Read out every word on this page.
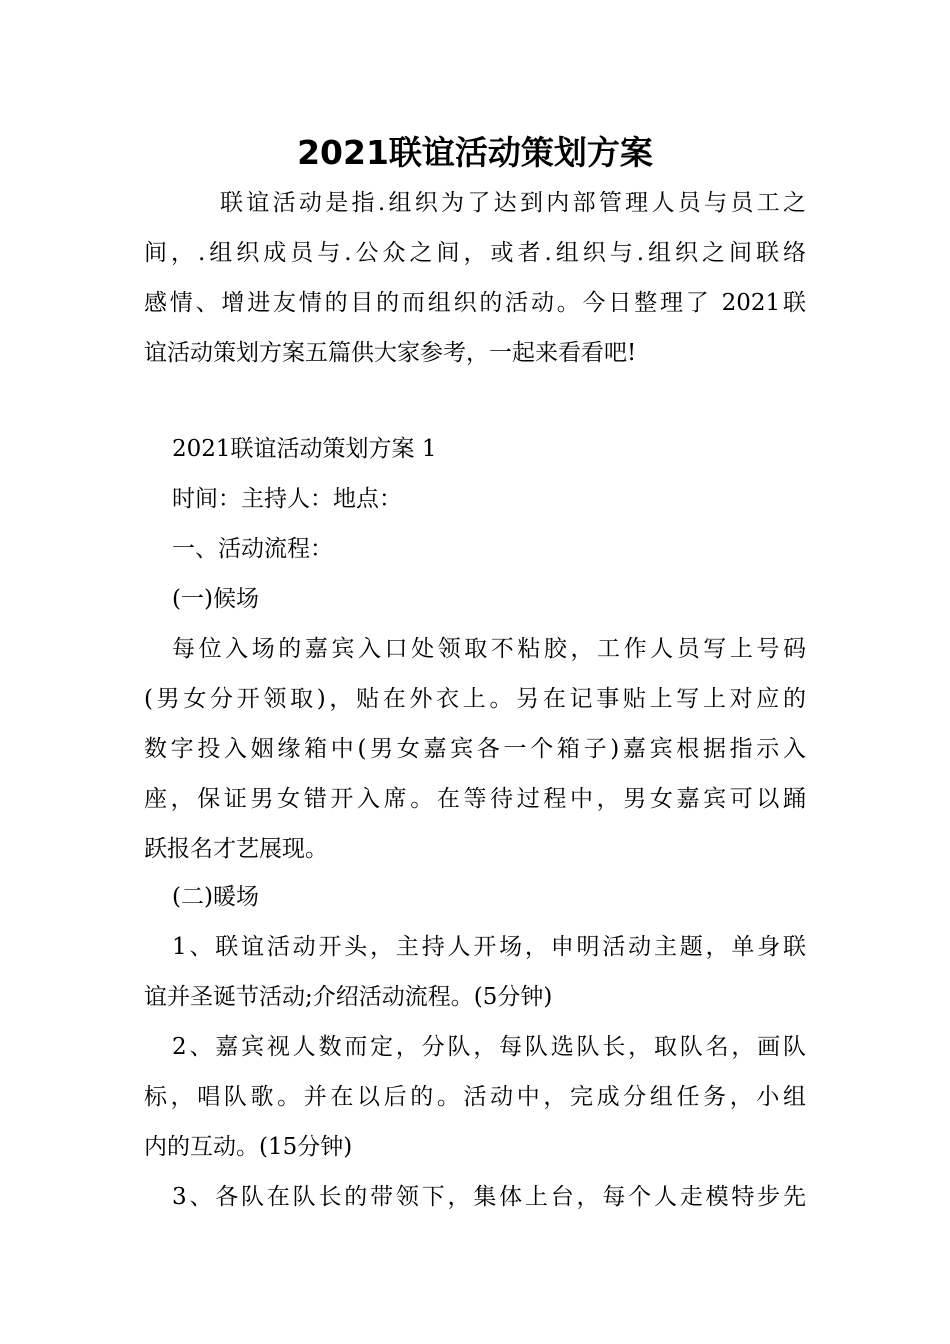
2021联谊活动策划方案
联谊活动是指.组织为了达到内部管理人员与员工之
间，.组织成员与.公众之间，或者.组织与.组织之间联络
感情、增进友情的目的而组织的活动。今日整理了 2021联
谊活动策划方案五篇供大家参考，一起来看看吧!

2021联谊活动策划方案 1

时间：主持人：地点：

一、活动流程：

(一)候场

每位入场的嘉宾入口处领取不粘胶，工作人员写上号码
(男女分开领取)，贴在外衣上。另在记事贴上写上对应的
数字投入姻缘箱中(男女嘉宾各一个箱子)嘉宾根据指示入
座，保证男女错开入席。在等待过程中，男女嘉宾可以踊
跃报名才艺展现。

(二)暖场

1、联谊活动开头，主持人开场，申明活动主题，单身联
谊并圣诞节活动;介绍活动流程。(5分钟)
2、嘉宾视人数而定，分队，每队选队长，取队名，画队
标，唱队歌。并在以后的。活动中，完成分组任务，小组
内的互动。(15分钟)
3、各队在队长的带领下，集体上台，每个人走模特步先
